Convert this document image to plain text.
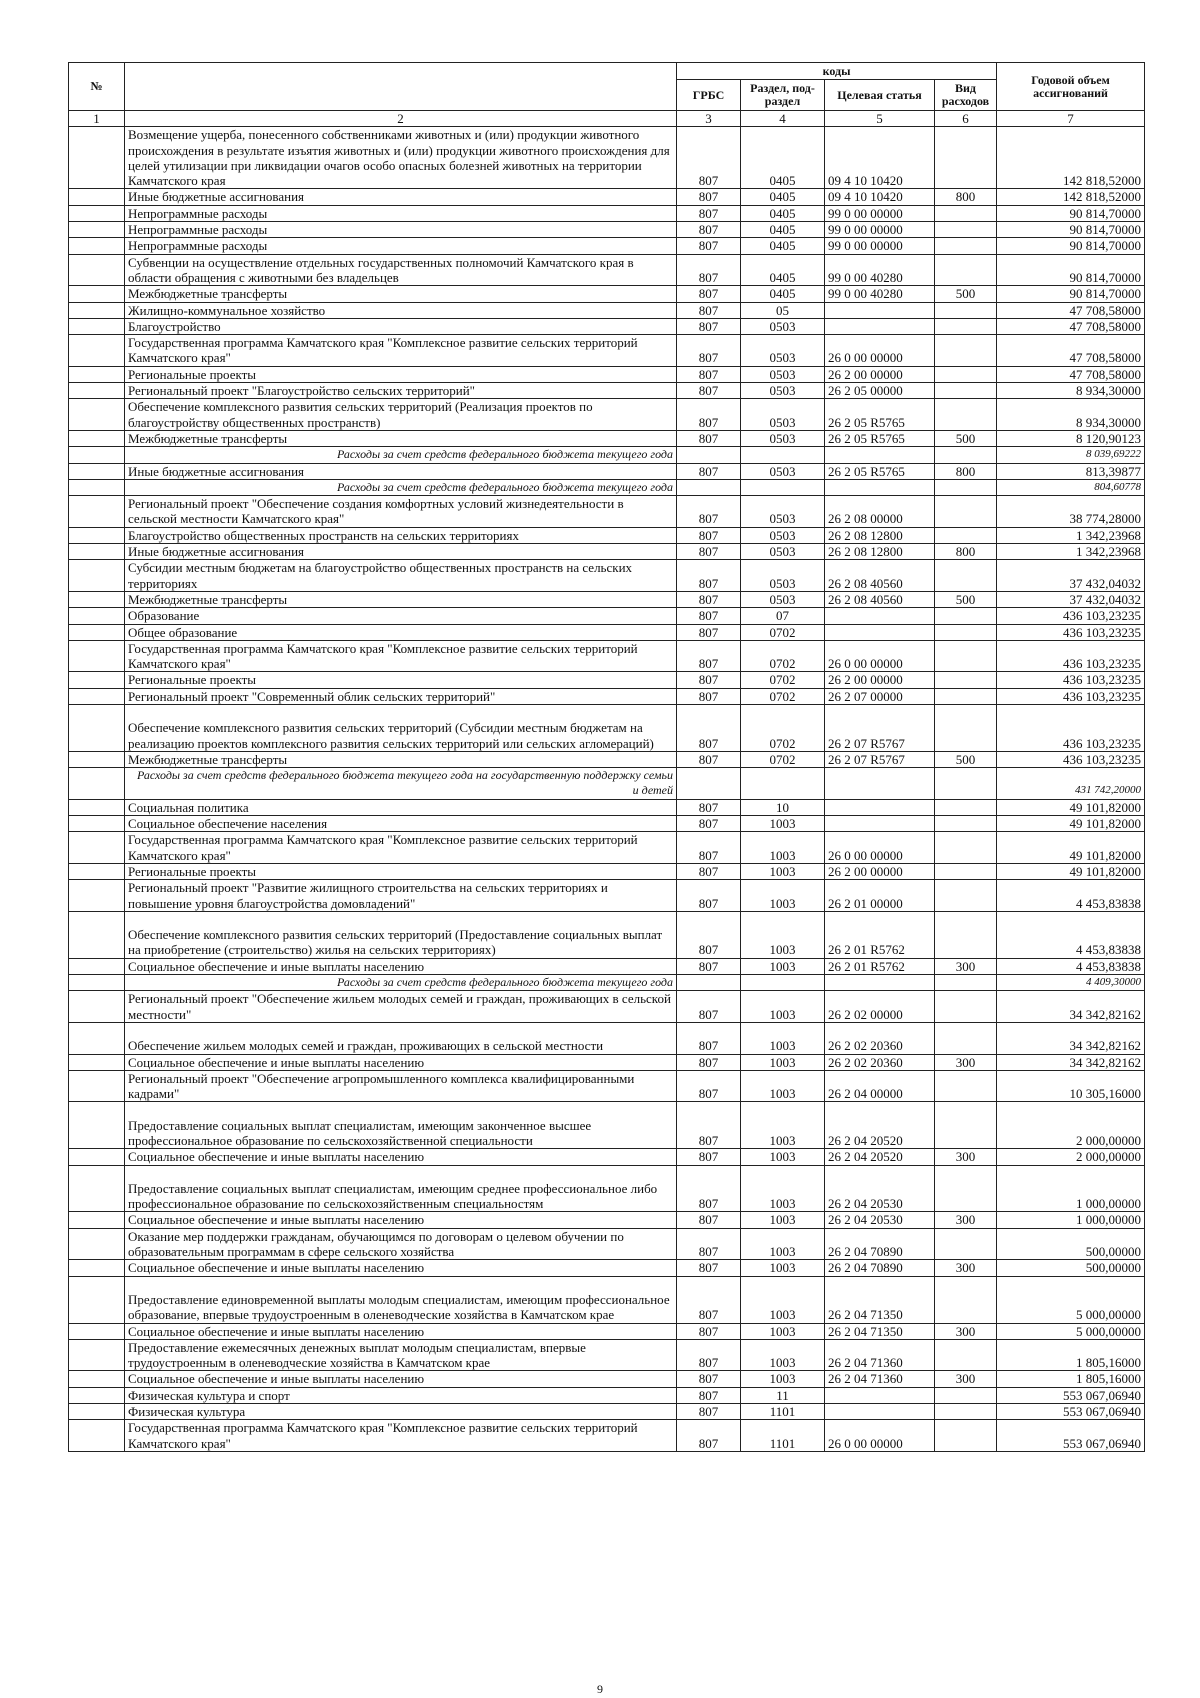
№		коды				Годовой объем ассигнований
		ГРБС	Раздел, под-раздел	Целевая статья	Вид расходов	
1	2	3	4	5	6	7
	Возмещение ущерба, понесенного собственниками животных и (или) продукции животного происхождения в результате изъятия животных и (или) продукции животного происхождения для целей утилизации при ликвидации очагов особо опасных болезней животных на территории Камчатского края	807	0405	09 4 10 10420		142 818,52000
	Иные бюджетные ассигнования	807	0405	09 4 10 10420	800	142 818,52000
	Непрограммные расходы	807	0405	99 0 00 00000		90 814,70000
	Непрограммные расходы	807	0405	99 0 00 00000		90 814,70000
	Непрограммные расходы	807	0405	99 0 00 00000		90 814,70000
	Субвенции на осуществление отдельных государственных полномочий Камчатского края в области обращения с животными без владельцев	807	0405	99 0 00 40280		90 814,70000
	Межбюджетные трансферты	807	0405	99 0 00 40280	500	90 814,70000
	Жилищно-коммунальное хозяйство	807	05			47 708,58000
	Благоустройство	807	0503			47 708,58000
	Государственная программа Камчатского края "Комплексное развитие сельских территорий Камчатского края"	807	0503	26 0 00 00000		47 708,58000
	Региональные проекты	807	0503	26 2 00 00000		47 708,58000
	Региональный проект "Благоустройство сельских территорий"	807	0503	26 2 05 00000		8 934,30000
	Обеспечение комплексного развития сельских территорий (Реализация проектов по благоустройству общественных пространств)	807	0503	26 2 05 R5765		8 934,30000
	Межбюджетные трансферты	807	0503	26 2 05 R5765	500	8 120,90123
	Расходы за счет средств федерального бюджета текущего года					8 039,69222
	Иные бюджетные ассигнования	807	0503	26 2 05 R5765	800	813,39877
	Расходы за счет средств федерального бюджета текущего года					804,60778
	Региональный проект "Обеспечение создания комфортных условий жизнедеятельности в сельской местности Камчатского края"	807	0503	26 2 08 00000		38 774,28000
	Благоустройство общественных пространств на сельских территориях	807	0503	26 2 08 12800		1 342,23968
	Иные бюджетные ассигнования	807	0503	26 2 08 12800	800	1 342,23968
	Субсидии местным бюджетам на благоустройство общественных пространств на сельских территориях	807	0503	26 2 08 40560		37 432,04032
	Межбюджетные трансферты	807	0503	26 2 08 40560	500	37 432,04032
	Образование	807	07			436 103,23235
	Общее образование	807	0702			436 103,23235
	Государственная программа Камчатского края "Комплексное развитие сельских территорий Камчатского края"	807	0702	26 0 00 00000		436 103,23235
	Региональные проекты	807	0702	26 2 00 00000		436 103,23235
	Региональный проект "Современный облик сельских территорий"	807	0702	26 2 07 00000		436 103,23235
	Обеспечение комплексного развития сельских территорий (Субсидии местным бюджетам на реализацию проектов комплексного развития сельских территорий или сельских агломераций)	807	0702	26 2 07 R5767		436 103,23235
	Межбюджетные трансферты	807	0702	26 2 07 R5767	500	436 103,23235
	Расходы за счет средств федерального бюджета текущего года на государственную поддержку семьи и детей					431 742,20000
	Социальная политика	807	10			49 101,82000
	Социальное обеспечение населения	807	1003			49 101,82000
	Государственная программа Камчатского края "Комплексное развитие сельских территорий Камчатского края"	807	1003	26 0 00 00000		49 101,82000
	Региональные проекты	807	1003	26 2 00 00000		49 101,82000
	Региональный проект "Развитие жилищного строительства на сельских территориях и повышение уровня благоустройства домовладений"	807	1003	26 2 01 00000		4 453,83838
	Обеспечение комплексного развития сельских территорий (Предоставление социальных выплат на приобретение (строительство) жилья на сельских территориях)	807	1003	26 2 01 R5762		4 453,83838
	Социальное обеспечение и иные выплаты населению	807	1003	26 2 01 R5762	300	4 453,83838
	Расходы за счет средств федерального бюджета текущего года					4 409,30000
	Региональный проект "Обеспечение жильем молодых семей и граждан, проживающих в сельской местности"	807	1003	26 2 02 00000		34 342,82162
	Обеспечение жильем молодых семей и граждан, проживающих в сельской местности	807	1003	26 2 02 20360		34 342,82162
	Социальное обеспечение и иные выплаты населению	807	1003	26 2 02 20360	300	34 342,82162
	Региональный проект "Обеспечение агропромышленного комплекса квалифицированными кадрами"	807	1003	26 2 04 00000		10 305,16000
	Предоставление социальных выплат специалистам, имеющим законченное высшее профессиональное образование по сельскохозяйственной специальности	807	1003	26 2 04 20520		2 000,00000
	Социальное обеспечение и иные выплаты населению	807	1003	26 2 04 20520	300	2 000,00000
	Предоставление социальных выплат специалистам, имеющим среднее профессиональное либо профессиональное образование по сельскохозяйственным специальностям	807	1003	26 2 04 20530		1 000,00000
	Социальное обеспечение и иные выплаты населению	807	1003	26 2 04 20530	300	1 000,00000
	Оказание мер поддержки гражданам, обучающимся по договорам о целевом обучении по образовательным программам в сфере сельского хозяйства	807	1003	26 2 04 70890		500,00000
	Социальное обеспечение и иные выплаты населению	807	1003	26 2 04 70890	300	500,00000
	Предоставление единовременной выплаты молодым специалистам, имеющим профессиональное образование, впервые трудоустроенным в оленеводческие хозяйства в Камчатском крае	807	1003	26 2 04 71350		5 000,00000
	Социальное обеспечение и иные выплаты населению	807	1003	26 2 04 71350	300	5 000,00000
	Предоставление ежемесячных денежных выплат молодым специалистам, впервые трудоустроенным в оленеводческие хозяйства в Камчатском крае	807	1003	26 2 04 71360		1 805,16000
	Социальное обеспечение и иные выплаты населению	807	1003	26 2 04 71360	300	1 805,16000
	Физическая культура и спорт	807	11			553 067,06940
	Физическая культура	807	1101			553 067,06940
	Государственная программа Камчатского края "Комплексное развитие сельских территорий Камчатского края"	807	1101	26 0 00 00000		553 067,06940
9
